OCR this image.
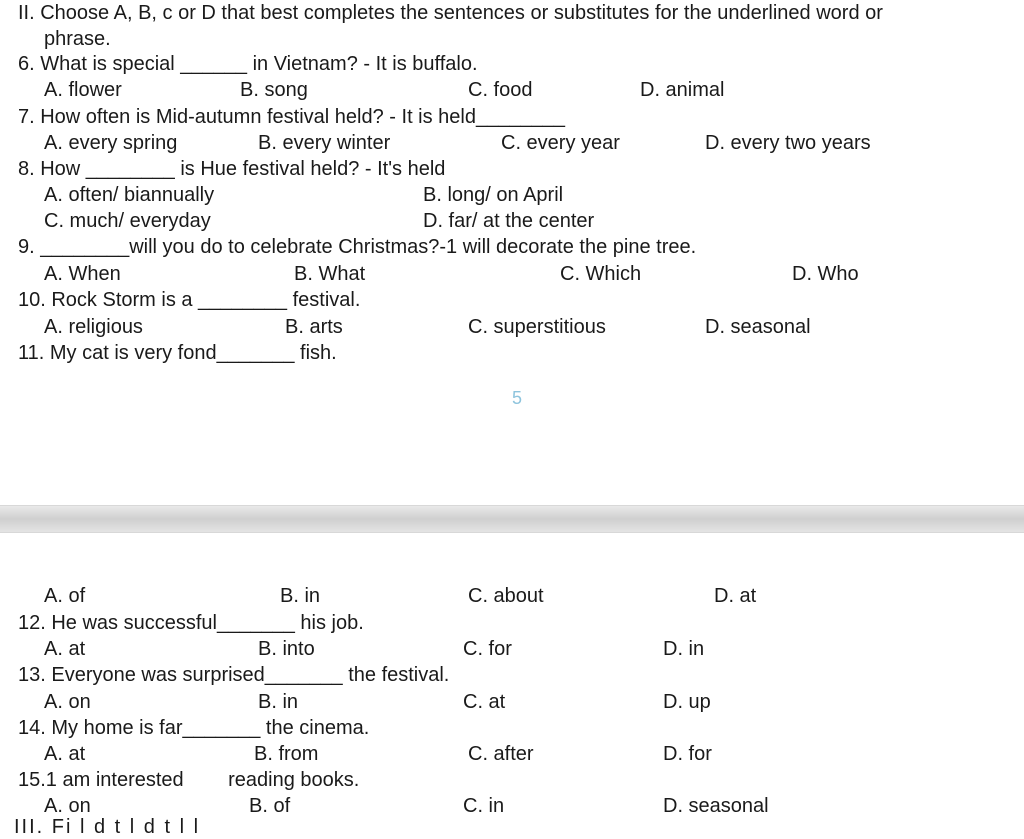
II. Choose A, B, c or D that best completes the sentences or substitutes for the underlined word or
phrase.
6. What is special ______ in Vietnam? - It is buffalo.
A. flower	B. song	C. food	D. animal
7. How often is Mid-autumn festival held? - It is held________
A. every spring	B. every winter	C. every year	D. every two years
8. How ________ is Hue festival held? - It's held
A. often/ biannually	B. long/ on April
C. much/ everyday	D. far/ at the center
9. ________will you do to celebrate Christmas?-1 will decorate the pine tree.
A. When	B. What	C. Which	D. Who
10. Rock Storm is a ________ festival.
A. religious	B. arts	C. superstitious	D. seasonal
11. My cat is very fond_______ fish.
5
A. of	B. in	C. about	D. at
12. He was successful_______ his job.
A. at	B. into	C. for	D. in
13. Everyone was surprised_______ the festival.
A. on	B. in	C. at	D. up
14. My home is far_______ the cinema.
A. at	B. from	C. after	D. for
15.1 am interested        reading books.
A. on	B. of	C. in	D. seasonal
III. Fi l d t l d t l l
